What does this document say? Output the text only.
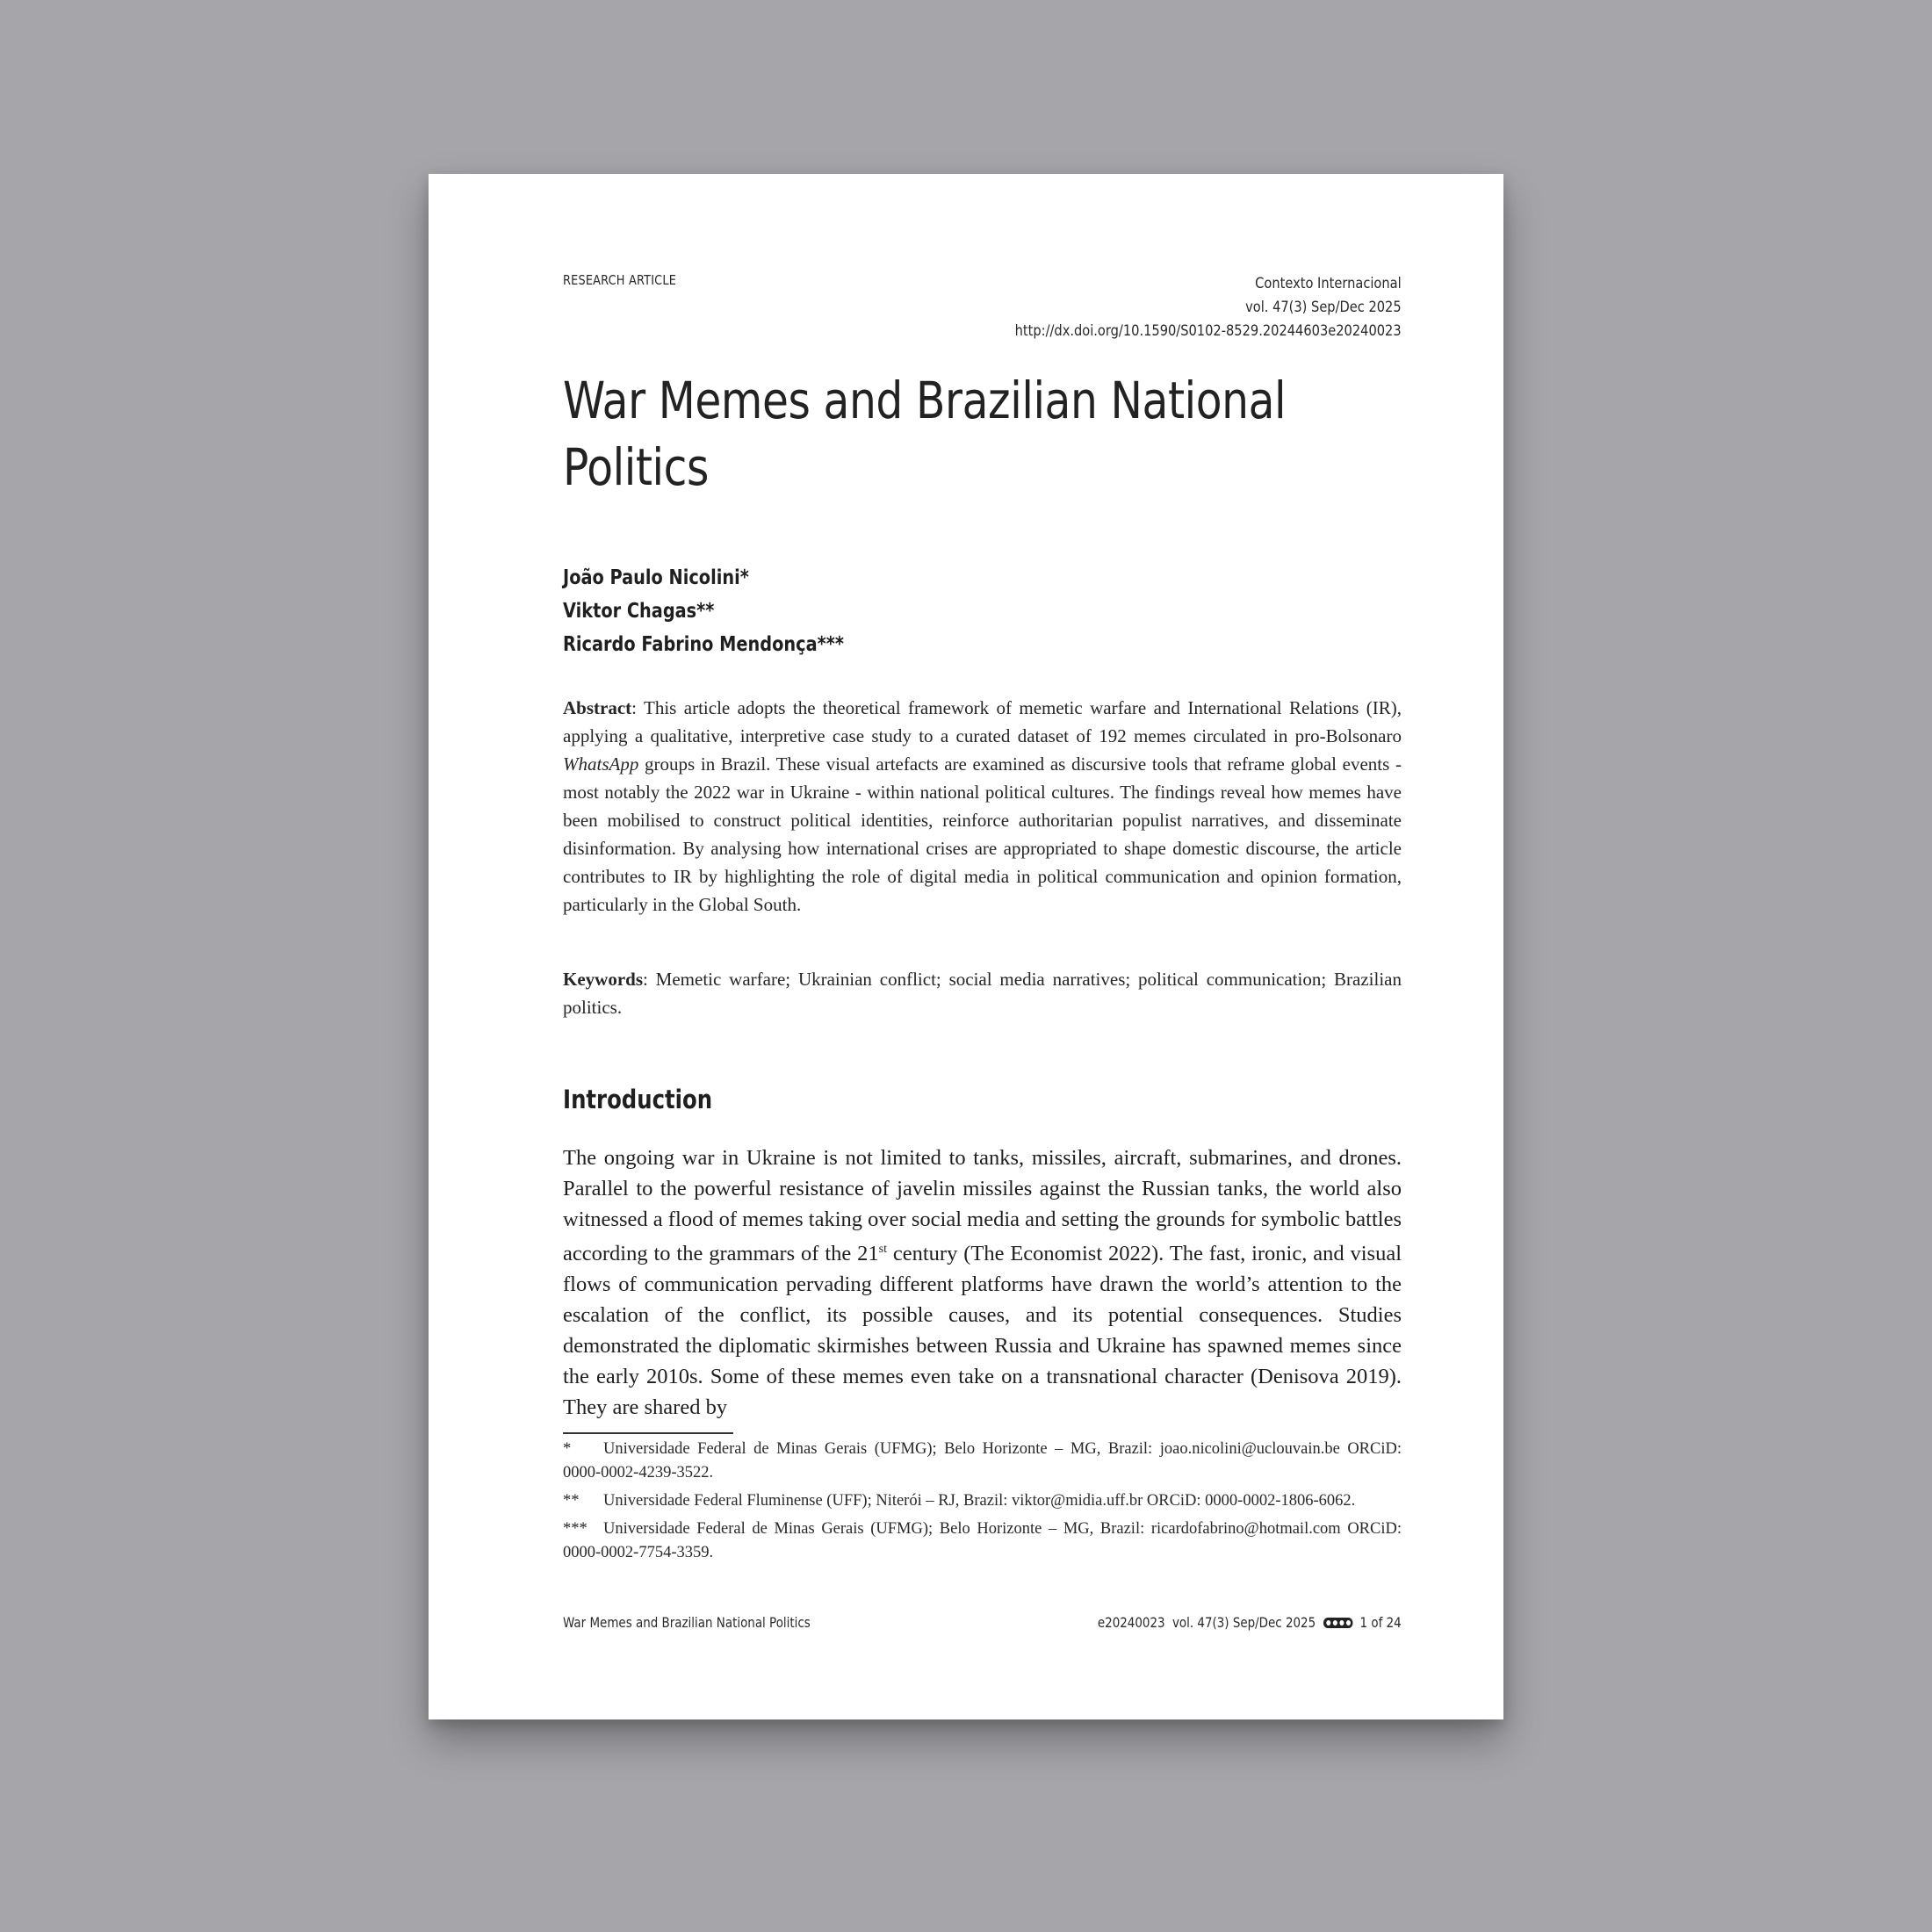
RESEARCH ARTICLE	Contexto Internacional
vol. 47(3) Sep/Dec 2025
http://dx.doi.org/10.1590/S0102-8529.20244603e20240023
War Memes and Brazilian National
Politics
João Paulo Nicolini*
Viktor Chagas**
Ricardo Fabrino Mendonça***

Abstract: This article adopts the theoretical framework of memetic warfare and International Relations (IR), applying a qualitative, interpretive case study to a curated dataset of 192 memes circulated in pro-Bolsonaro WhatsApp groups in Brazil. These visual artefacts are examined as discursive tools that reframe global events - most notably the 2022 war in Ukraine - within national political cultures. The findings reveal how memes have been mobilised to construct political identities, reinforce authoritarian populist narratives, and disseminate disinformation. By analysing how international crises are appropriated to shape domestic discourse, the article contributes to IR by highlighting the role of digital media in political communication and opinion formation, particularly in the Global South.

Keywords: Memetic warfare; Ukrainian conflict; social media narratives; political communication; Brazilian politics.

Introduction

The ongoing war in Ukraine is not limited to tanks, missiles, aircraft, submarines, and drones. Parallel to the powerful resistance of javelin missiles against the Russian tanks, the world also witnessed a flood of memes taking over social media and setting the grounds for symbolic battles according to the grammars of the 21st century (The Economist 2022). The fast, ironic, and visual flows of communication pervading different platforms have drawn the world’s attention to the escalation of the conflict, its possible causes, and its potential consequences. Studies demonstrated the diplomatic skirmishes between Russia and Ukraine has spawned memes since the early 2010s. Some of these memes even take on a transnational character (Denisova 2019). They are shared by

* Universidade Federal de Minas Gerais (UFMG); Belo Horizonte – MG, Brazil: joao.nicolini@uclouvain.be ORCiD: 0000-0002-4239-3522.

** Universidade Federal Fluminense (UFF); Niterói – RJ, Brazil: viktor@midia.uff.br ORCiD: 0000-0002-1806-6062.

*** Universidade Federal de Minas Gerais (UFMG); Belo Horizonte – MG, Brazil: ricardofabrino@hotmail.com ORCiD: 0000-0002-7754-3359.

War Memes and Brazilian National Politics	e20240023 vol. 47(3) Sep/Dec 2025	1 of 24
